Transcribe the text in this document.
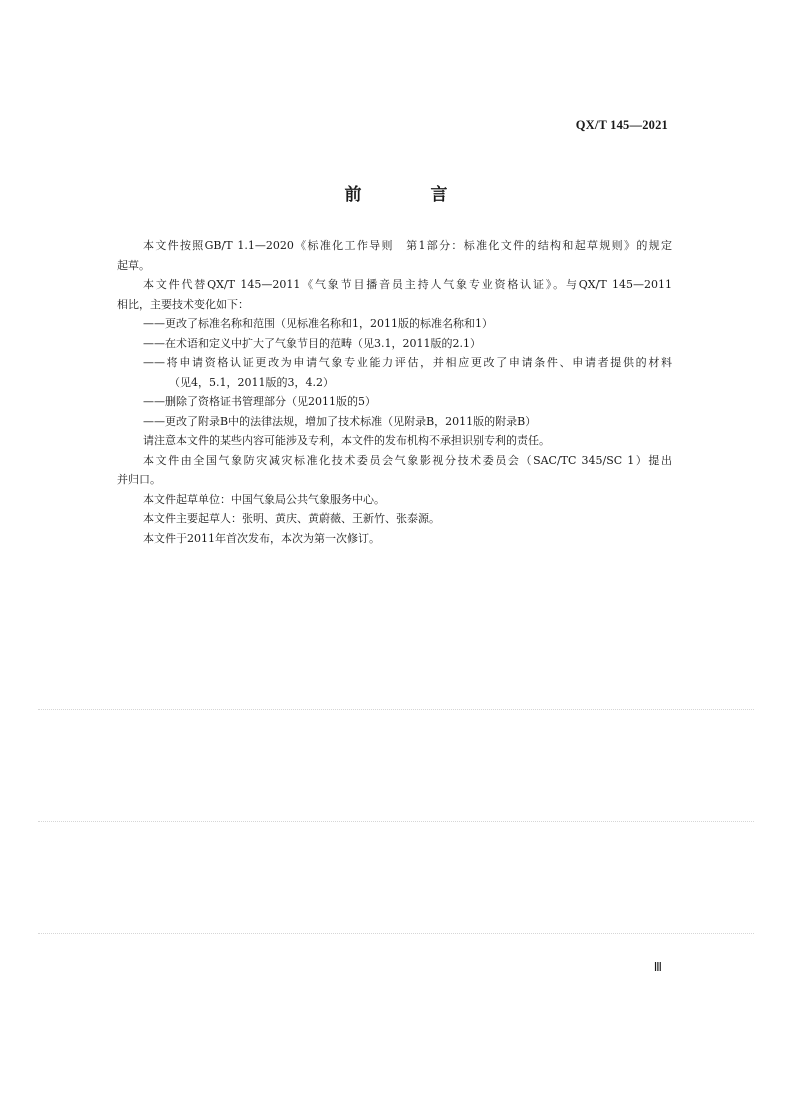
QX/T 145—2021
前　言
本文件按照GB/T 1.1—2020《标准化工作导则　第1部分：标准化文件的结构和起草规则》的规定
起草。
本文件代替QX/T 145—2011《气象节目播音员主持人气象专业资格认证》。与QX/T 145—2011
相比，主要技术变化如下：
——更改了标准名称和范围（见标准名称和1，2011版的标准名称和1）
——在术语和定义中扩大了气象节目的范畴（见3.1，2011版的2.1）
——将申请资格认证更改为申请气象专业能力评估，并相应更改了申请条件、申请者提供的材料
（见4，5.1，2011版的3，4.2）
——删除了资格证书管理部分（见2011版的5）
——更改了附录B中的法律法规，增加了技术标准（见附录B，2011版的附录B）
请注意本文件的某些内容可能涉及专利，本文件的发布机构不承担识别专利的责任。
本文件由全国气象防灾减灾标准化技术委员会气象影视分技术委员会（SAC/TC 345/SC 1）提出
并归口。
本文件起草单位：中国气象局公共气象服务中心。
本文件主要起草人：张明、黄庆、黄蔚薇、王新竹、张泰源。
本文件于2011年首次发布，本次为第一次修订。
Ⅲ
